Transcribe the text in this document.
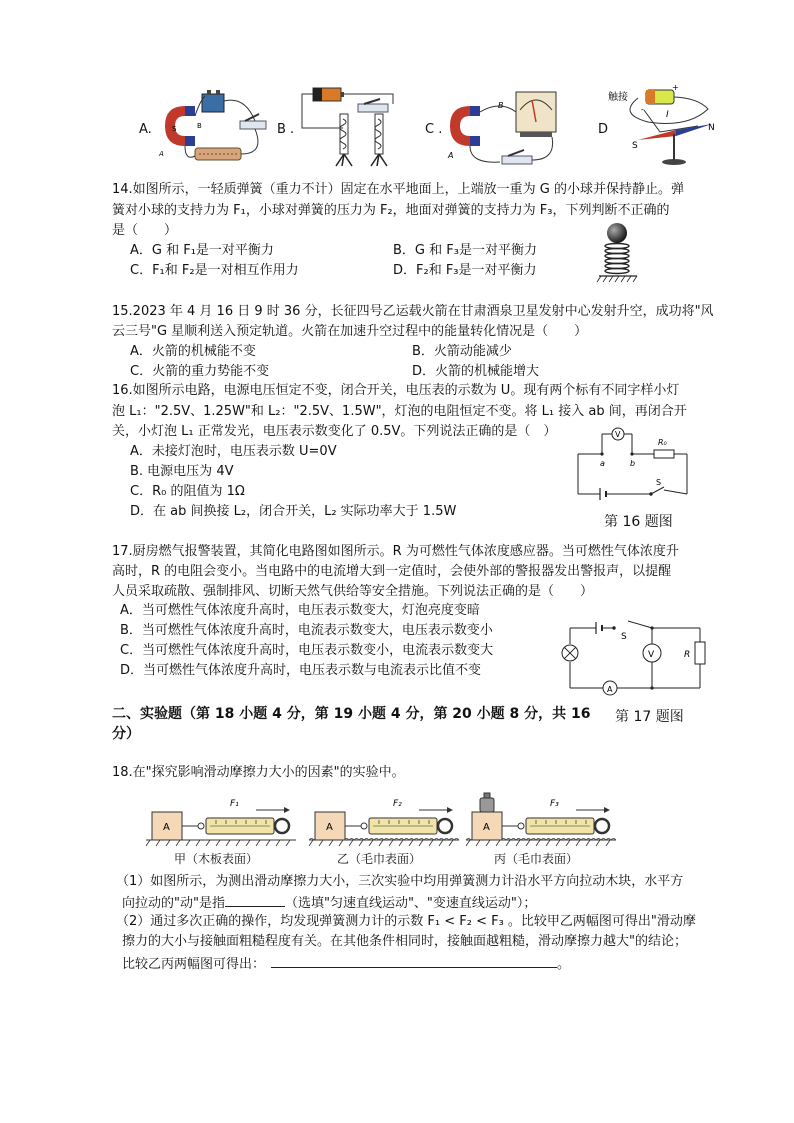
A.	S	B
A
B .	C .
B
A
D
触接
+
-
I
S
N
14.如图所示，一轻质弹簧（重力不计）固定在水平地面上，上端放一重为 G 的小球并保持静止。弹
簧对小球的支持力为 F₁，小球对弹簧的压力为 F₂，地面对弹簧的支持力为 F₃，下列判断不正确的
是（　　）
A．G 和 F₁是一对平衡力	B．G 和 F₃是一对平衡力
C．F₁和 F₂是一对相互作用力	D．F₂和 F₃是一对平衡力
15.2023 年 4 月 16 日 9 时 36 分，长征四号乙运载火箭在甘肃酒泉卫星发射中心发射升空，成功将"风
云三号"G 星顺利送入预定轨道。火箭在加速升空过程中的能量转化情况是（　　）
A．火箭的机械能不变	B．火箭动能减少
C．火箭的重力势能不变	D．火箭的机械能增大
16.如图所示电路，电源电压恒定不变，闭合开关，电压表的示数为 U。现有两个标有不同字样小灯
泡 L₁："2.5V、1.25W"和 L₂："2.5V、1.5W"，灯泡的电阻恒定不变。将 L₁ 接入 ab 间，再闭合开
关，小灯泡 L₁ 正常发光，电压表示数变化了 0.5V。下列说法正确的是（　）
A．未接灯泡时，电压表示数 U=0V
B. 电源电压为 4V
C．R₀ 的阻值为 1Ω
D．在 ab 间换接 L₂，闭合开关，L₂ 实际功率大于 1.5W
V
R₀
a	b
S
第 16 题图
17.厨房燃气报警装置，其简化电路图如图所示。R 为可燃性气体浓度感应器。当可燃性气体浓度升
高时，R 的电阻会变小。当电路中的电流增大到一定值时，会使外部的警报器发出警报声，以提醒
人员采取疏散、强制排风、切断天然气供给等安全措施。下列说法正确的是（　　）
A．当可燃性气体浓度升高时，电压表示数变大，灯泡亮度变暗
B．当可燃性气体浓度升高时，电流表示数变大，电压表示数变小
C．当可燃性气体浓度升高时，电压表示数变小，电流表示数变大
D．当可燃性气体浓度升高时，电压表示数与电流表示比值不变
S
V	R
A
二、实验题（第 18 小题 4 分，第 19 小题 4 分，第 20 小题 8 分，共 16
分）
第 17 题图
18.在"探究影响滑动摩擦力大小的因素"的实验中。
A
F₁
甲（木板表面）
A
F₂
乙（毛巾表面）
A
F₃
丙（毛巾表面）
（1）如图所示，为测出滑动摩擦力大小，三次实验中均用弹簧测力计沿水平方向拉动木块，水平方
向拉动的"动"是指	（选填"匀速直线运动"、"变速直线运动"）；
（2）通过多次正确的操作，均发现弹簧测力计的示数 F₁ < F₂ < F₃ 。比较甲乙两幅图可得出"滑动摩
擦力的大小与接触面粗糙程度有关。在其他条件相同时，接触面越粗糙，滑动摩擦力越大"的结论；
比较乙丙两幅图可得出：	。
